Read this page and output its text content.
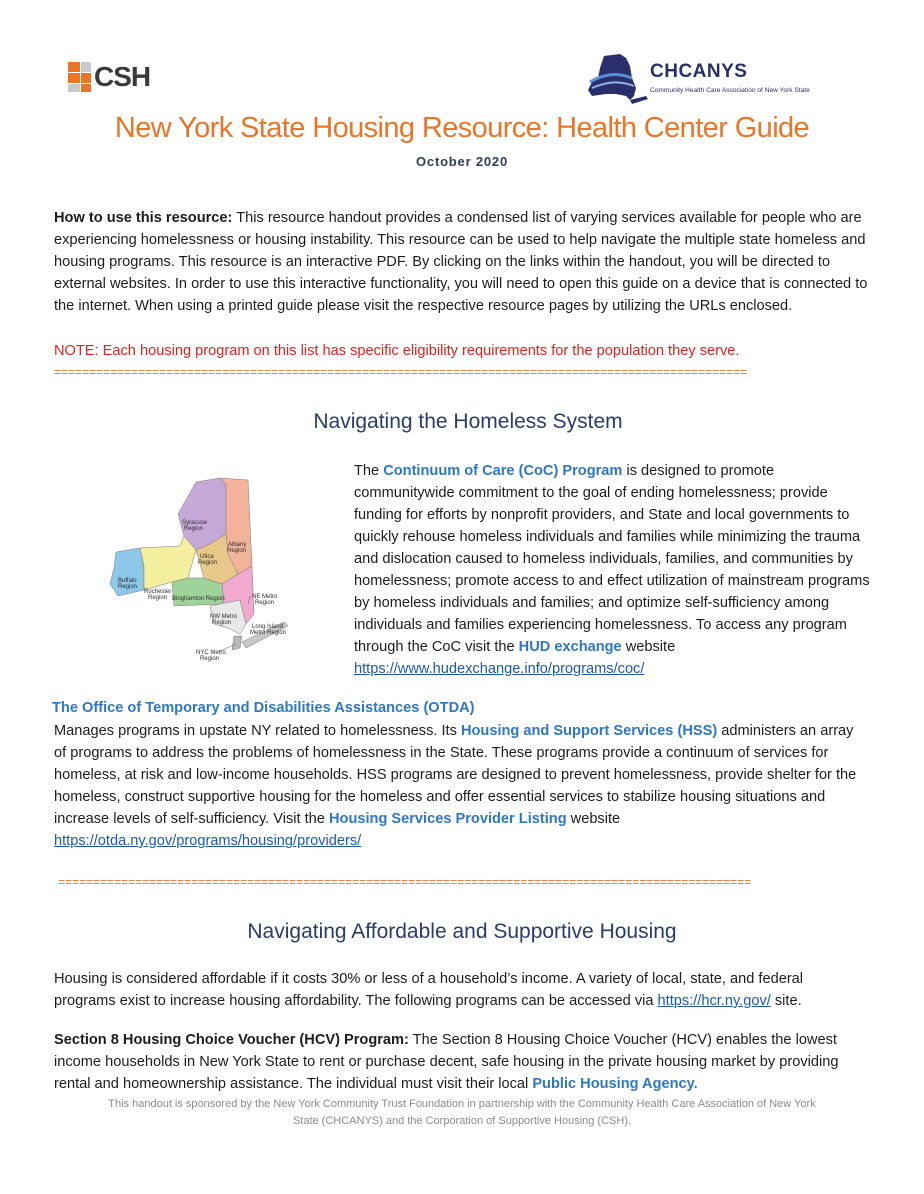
CSH	CHCANYS
Community Health Care Association of New York State
New York State Housing Resource: Health Center Guide
October 2020
How to use this resource: This resource handout provides a condensed list of varying services available for people who are experiencing homelessness or housing instability. This resource can be used to help navigate the multiple state homeless and housing programs. This resource is an interactive PDF. By clicking on the links within the handout, you will be directed to external websites. In order to use this interactive functionality, you will need to open this guide on a device that is connected to the internet. When using a printed guide please visit the respective resource pages by utilizing the URLs enclosed.
NOTE: Each housing program on this list has specific eligibility requirements for the population they serve.
===================================================================================================
Navigating the Homeless System
Syracuse Region
Utica Region
Albany Region
Buffalo Region
Rochester Region Binghamton Region	NE Metro Region
NW Metro Region
Long Island Metro Region
NYC Metro Region
The Continuum of Care (CoC) Program is designed to promote communitywide commitment to the goal of ending homelessness; provide funding for efforts by nonprofit providers, and State and local governments to quickly rehouse homeless individuals and families while minimizing the trauma and dislocation caused to homeless individuals, families, and communities by homelessness; promote access to and effect utilization of mainstream programs by homeless individuals and families; and optimize self-sufficiency among individuals and families experiencing homelessness. To access any program through the CoC visit the HUD exchange website
https://www.hudexchange.info/programs/coc/
The Office of Temporary and Disabilities Assistances (OTDA)
Manages programs in upstate NY related to homelessness. Its Housing and Support Services (HSS) administers an array of programs to address the problems of homelessness in the State. These programs provide a continuum of services for homeless, at risk and low-income households. HSS programs are designed to prevent homelessness, provide shelter for the homeless, construct supportive housing for the homeless and offer essential services to stabilize housing situations and increase levels of self-sufficiency. Visit the Housing Services Provider Listing website
https://otda.ny.gov/programs/housing/providers/
===================================================================================================
Navigating Affordable and Supportive Housing
Housing is considered affordable if it costs 30% or less of a household’s income. A variety of local, state, and federal programs exist to increase housing affordability. The following programs can be accessed via https://hcr.ny.gov/ site.
Section 8 Housing Choice Voucher (HCV) Program: The Section 8 Housing Choice Voucher (HCV) enables the lowest income households in New York State to rent or purchase decent, safe housing in the private housing market by providing rental and homeownership assistance. The individual must visit their local Public Housing Agency.
This handout is sponsored by the New York Community Trust Foundation in partnership with the Community Health Care Association of New York
State (CHCANYS) and the Corporation of Supportive Housing (CSH).
